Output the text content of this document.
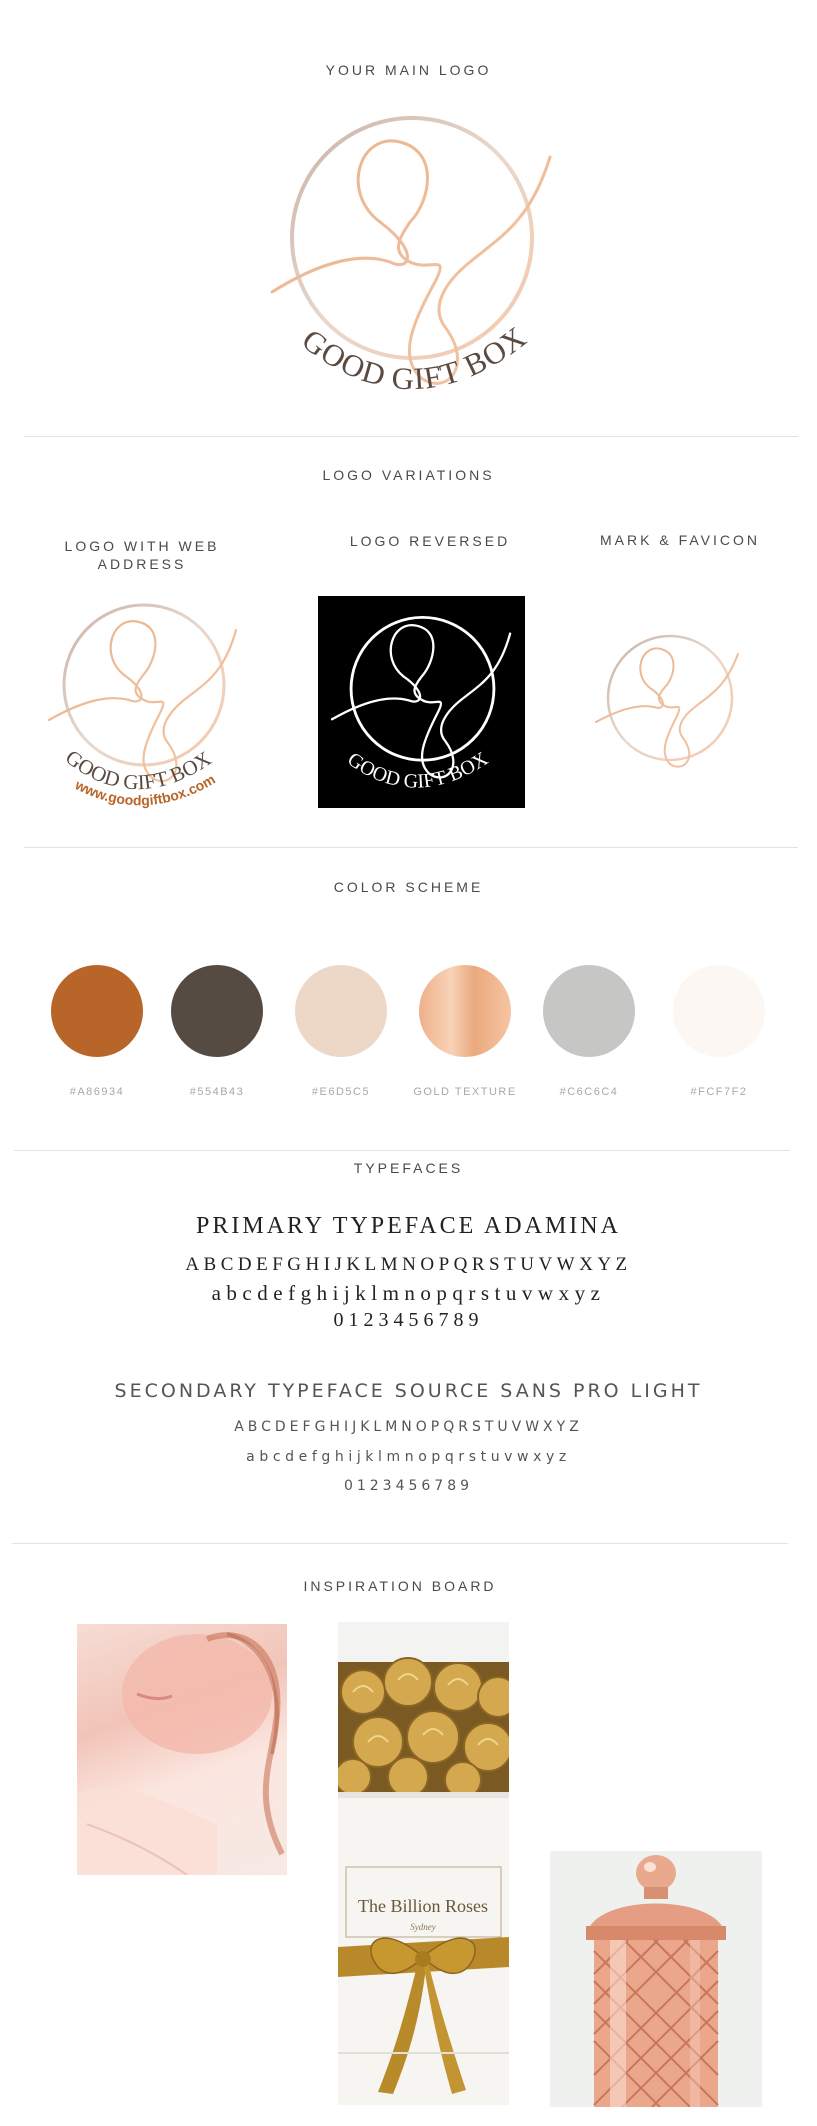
YOUR MAIN LOGO
GOOD GIFT BOX
LOGO VARIATIONS
LOGO WITH WEB ADDRESS
LOGO REVERSED	MARK & FAVICON
GOOD GIFT BOX
www.goodgiftbox.com
GOOD GIFT BOX
COLOR SCHEME
#A86934	#554B43	#E6D5C5	GOLD TEXTURE	#C6C6C4	#FCF7F2
TYPEFACES
PRIMARY TYPEFACE ADAMINA
ABCDEFGHIJKLMNOPQRSTUVWXYZ
abcdefghijklmnopqrstuvwxyz
0123456789
SECONDARY TYPEFACE SOURCE SANS PRO LIGHT
ABCDEFGHIJKLMNOPQRSTUVWXYZ
abcdefghijklmnopqrstuvwxyz
0123456789
INSPIRATION BOARD
The Billion Roses
Sydney
